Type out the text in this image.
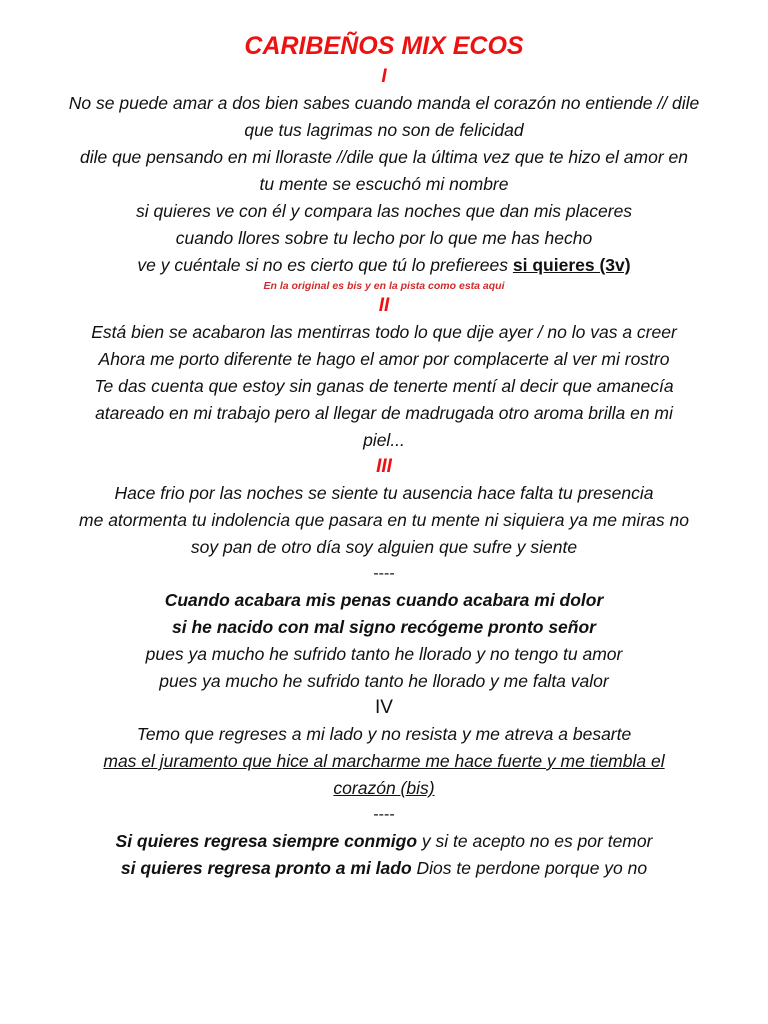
CARIBEÑOS MIX ECOS
I
No se puede amar a dos bien sabes cuando manda el corazón no entiende // dile
que tus lagrimas no son de felicidad
dile que pensando en mi lloraste //dile que la última vez que te hizo el amor en
tu mente se escuchó mi nombre
si quieres ve con él y compara las noches que dan mis placeres
cuando llores sobre tu lecho por lo que me has hecho
ve y cuéntale si no es cierto que tú lo prefierees si quieres (3v)
En la original es bis y en la pista como esta aqui
II
Está bien se acabaron las mentirras todo lo que dije ayer / no lo vas a creer
Ahora me porto diferente te hago el amor por complacerte al ver mi rostro
Te das cuenta que estoy sin ganas de tenerte mentí al decir que amanecía
atareado en mi trabajo pero al llegar de madrugada otro aroma brilla en mi
piel...
III
Hace frio por las noches se siente tu ausencia hace falta tu presencia
me atormenta tu indolencia que pasara en tu mente ni siquiera ya me miras no
soy pan de otro día soy alguien que sufre y siente
----
Cuando acabara mis penas cuando acabara mi dolor
si he nacido con mal signo recógeme pronto señor
pues ya mucho he sufrido tanto he llorado y no tengo tu amor
pues ya mucho he sufrido tanto he llorado y me falta valor
IV
Temo que regreses a mi lado y no resista y me atreva a besarte
mas el juramento que hice al marcharme me hace fuerte y me tiembla el
corazón (bis)
----
Si quieres regresa siempre conmigo y si te acepto no es por temor
si quieres regresa pronto a mi lado Dios te perdone porque yo no
